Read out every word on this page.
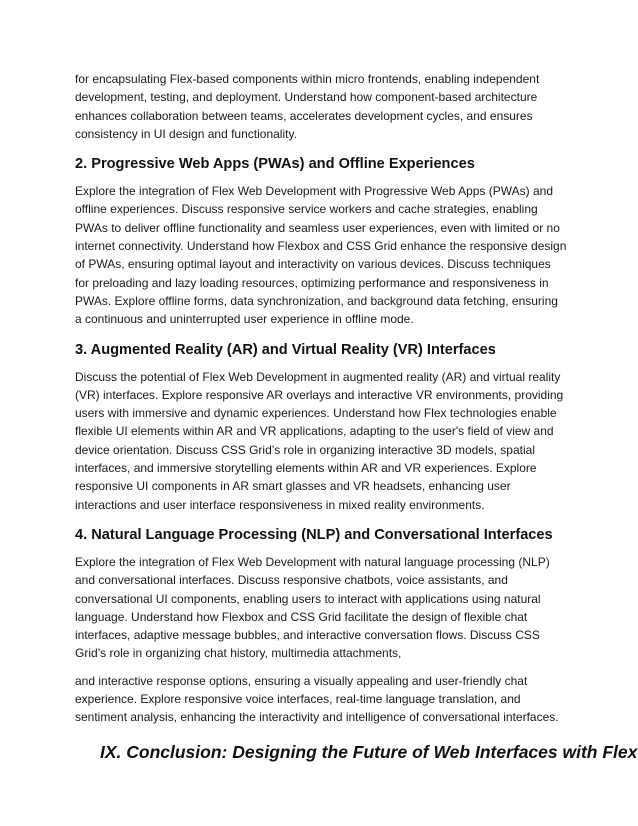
for encapsulating Flex-based components within micro frontends, enabling independent development, testing, and deployment. Understand how component-based architecture enhances collaboration between teams, accelerates development cycles, and ensures consistency in UI design and functionality.

2. Progressive Web Apps (PWAs) and Offline Experiences

Explore the integration of Flex Web Development with Progressive Web Apps (PWAs) and offline experiences. Discuss responsive service workers and cache strategies, enabling PWAs to deliver offline functionality and seamless user experiences, even with limited or no internet connectivity. Understand how Flexbox and CSS Grid enhance the responsive design of PWAs, ensuring optimal layout and interactivity on various devices. Discuss techniques for preloading and lazy loading resources, optimizing performance and responsiveness in PWAs. Explore offline forms, data synchronization, and background data fetching, ensuring a continuous and uninterrupted user experience in offline mode.

3. Augmented Reality (AR) and Virtual Reality (VR) Interfaces

Discuss the potential of Flex Web Development in augmented reality (AR) and virtual reality (VR) interfaces. Explore responsive AR overlays and interactive VR environments, providing users with immersive and dynamic experiences. Understand how Flex technologies enable flexible UI elements within AR and VR applications, adapting to the user's field of view and device orientation. Discuss CSS Grid’s role in organizing interactive 3D models, spatial interfaces, and immersive storytelling elements within AR and VR experiences. Explore responsive UI components in AR smart glasses and VR headsets, enhancing user interactions and user interface responsiveness in mixed reality environments.

4. Natural Language Processing (NLP) and Conversational Interfaces

Explore the integration of Flex Web Development with natural language processing (NLP) and conversational interfaces. Discuss responsive chatbots, voice assistants, and conversational UI components, enabling users to interact with applications using natural language. Understand how Flexbox and CSS Grid facilitate the design of flexible chat interfaces, adaptive message bubbles, and interactive conversation flows. Discuss CSS Grid’s role in organizing chat history, multimedia attachments,

and interactive response options, ensuring a visually appealing and user-friendly chat experience. Explore responsive voice interfaces, real-time language translation, and sentiment analysis, enhancing the interactivity and intelligence of conversational interfaces.

IX. Conclusion: Designing the Future of Web Interfaces with Flex
